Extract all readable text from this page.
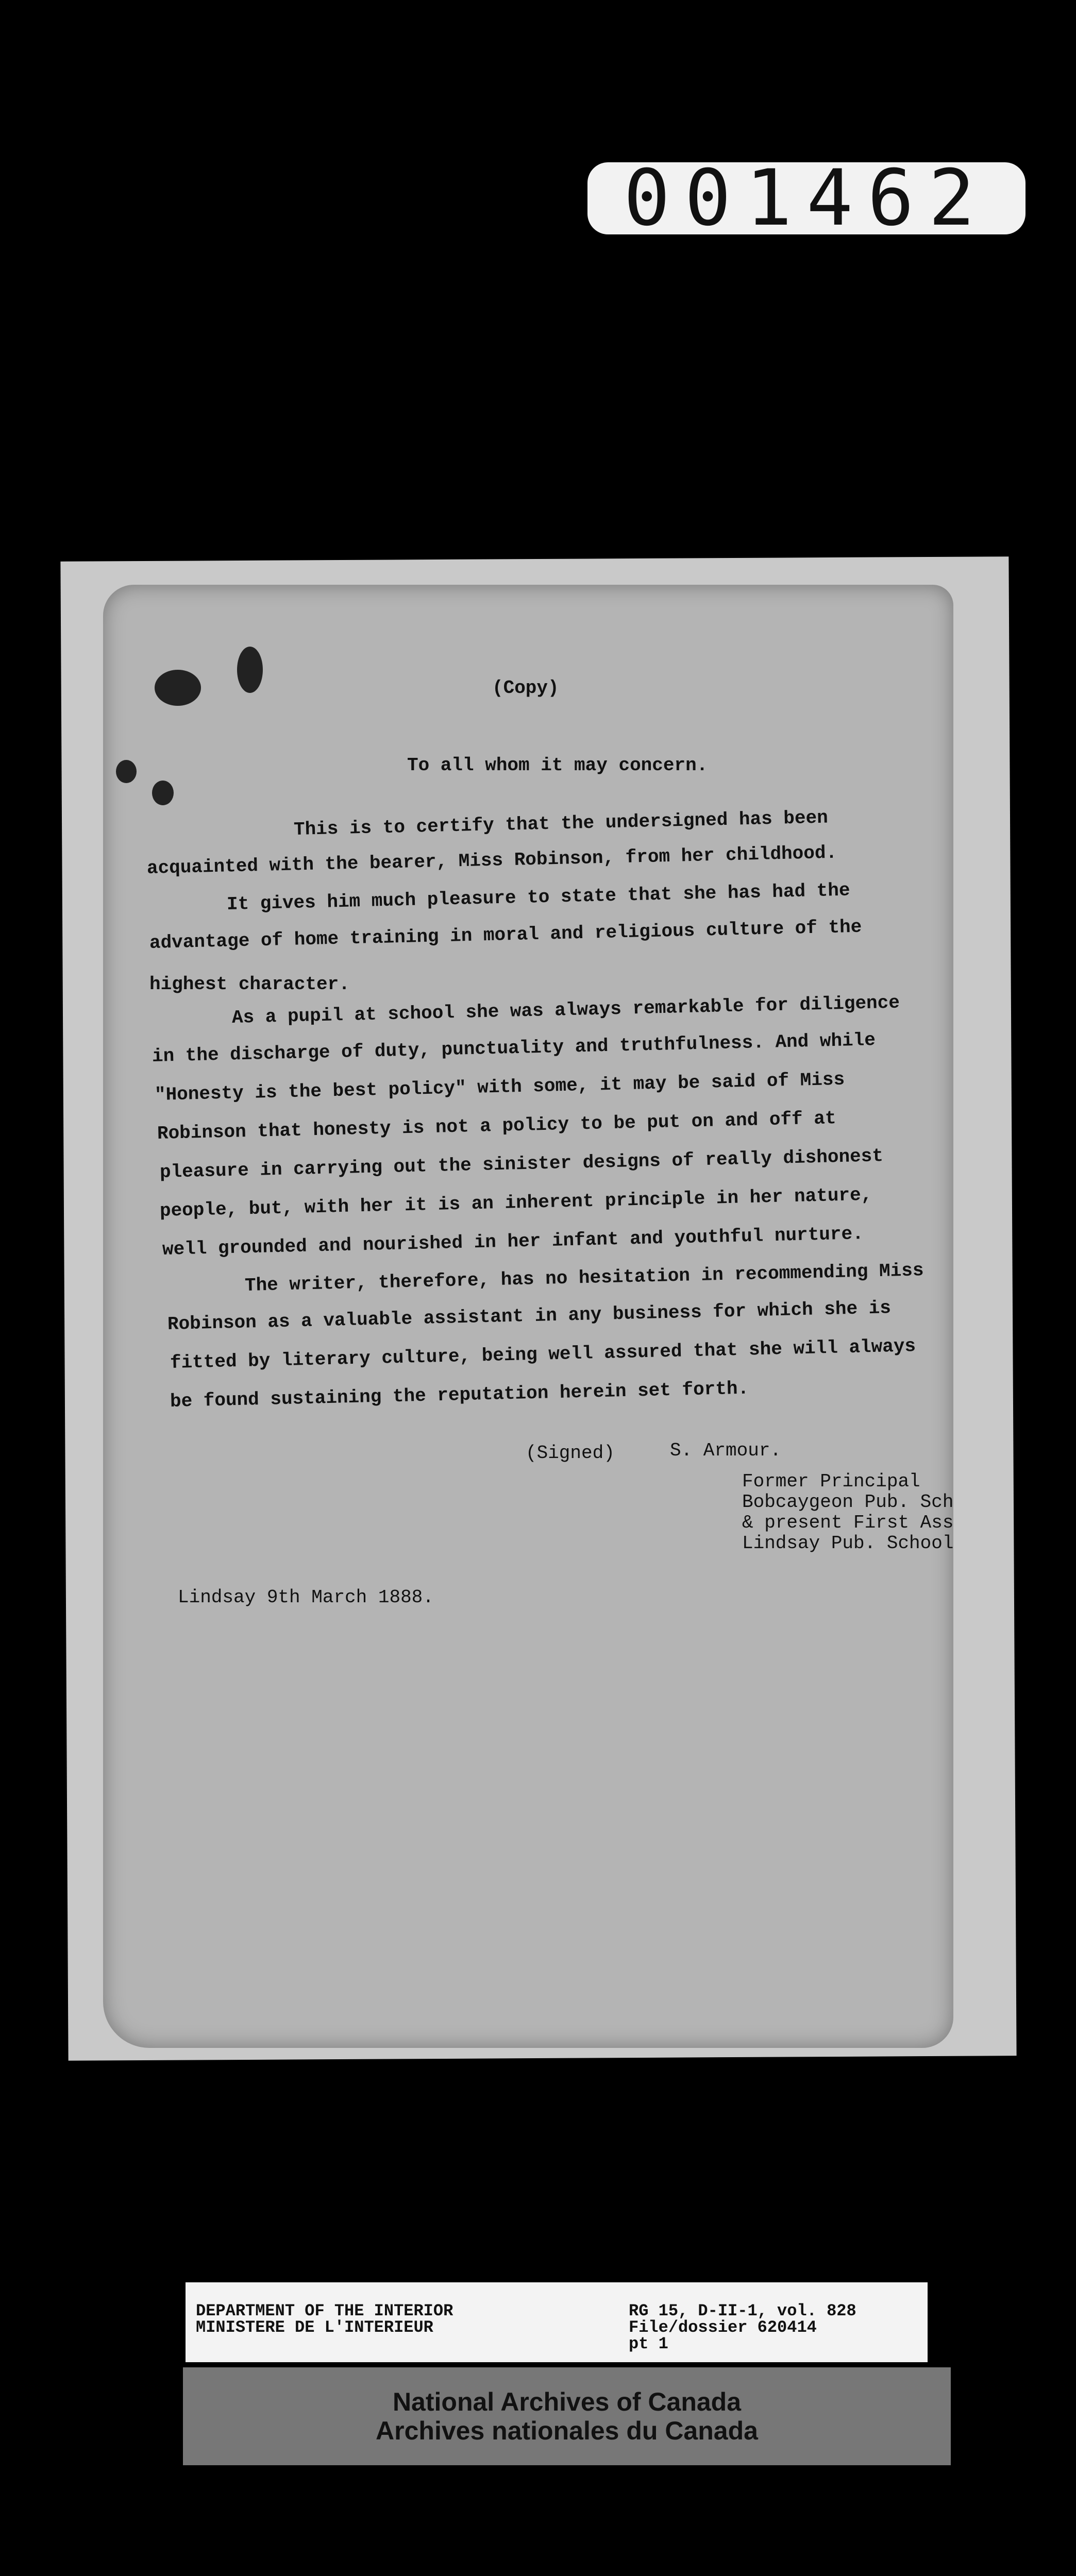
001462
(Copy)
To all whom it may concern.
This is to certify that the undersigned has been
acquainted with the bearer, Miss Robinson, from her childhood.
It gives him much pleasure to state that she has had the
advantage of home training in moral and religious culture of the
highest character.
As a pupil at school she was always remarkable for diligence
in the discharge of duty, punctuality and truthfulness. And while
"Honesty is the best policy" with some, it may be said of Miss
Robinson that honesty is not a policy to be put on and off at
pleasure in carrying out the sinister designs of really dishonest
people, but, with her it is an inherent principle in her nature,
well grounded and nourished in her infant and youthful nurture.
The writer, therefore, has no hesitation in recommending Miss
Robinson as a valuable assistant in any business for which she is
fitted by literary culture, being well assured that she will always
be found sustaining the reputation herein set forth.
(Signed)	S. Armour.
Former Principal
Bobcaygeon Pub. Sch
& present First Ass
Lindsay Pub. School
Lindsay 9th March 1888.
DEPARTMENT OF THE INTERIOR
MINISTERE DE L'INTERIEUR
RG 15, D-II-1, vol. 828
File/dossier 620414
pt 1
National Archives of Canada
Archives nationales du Canada
